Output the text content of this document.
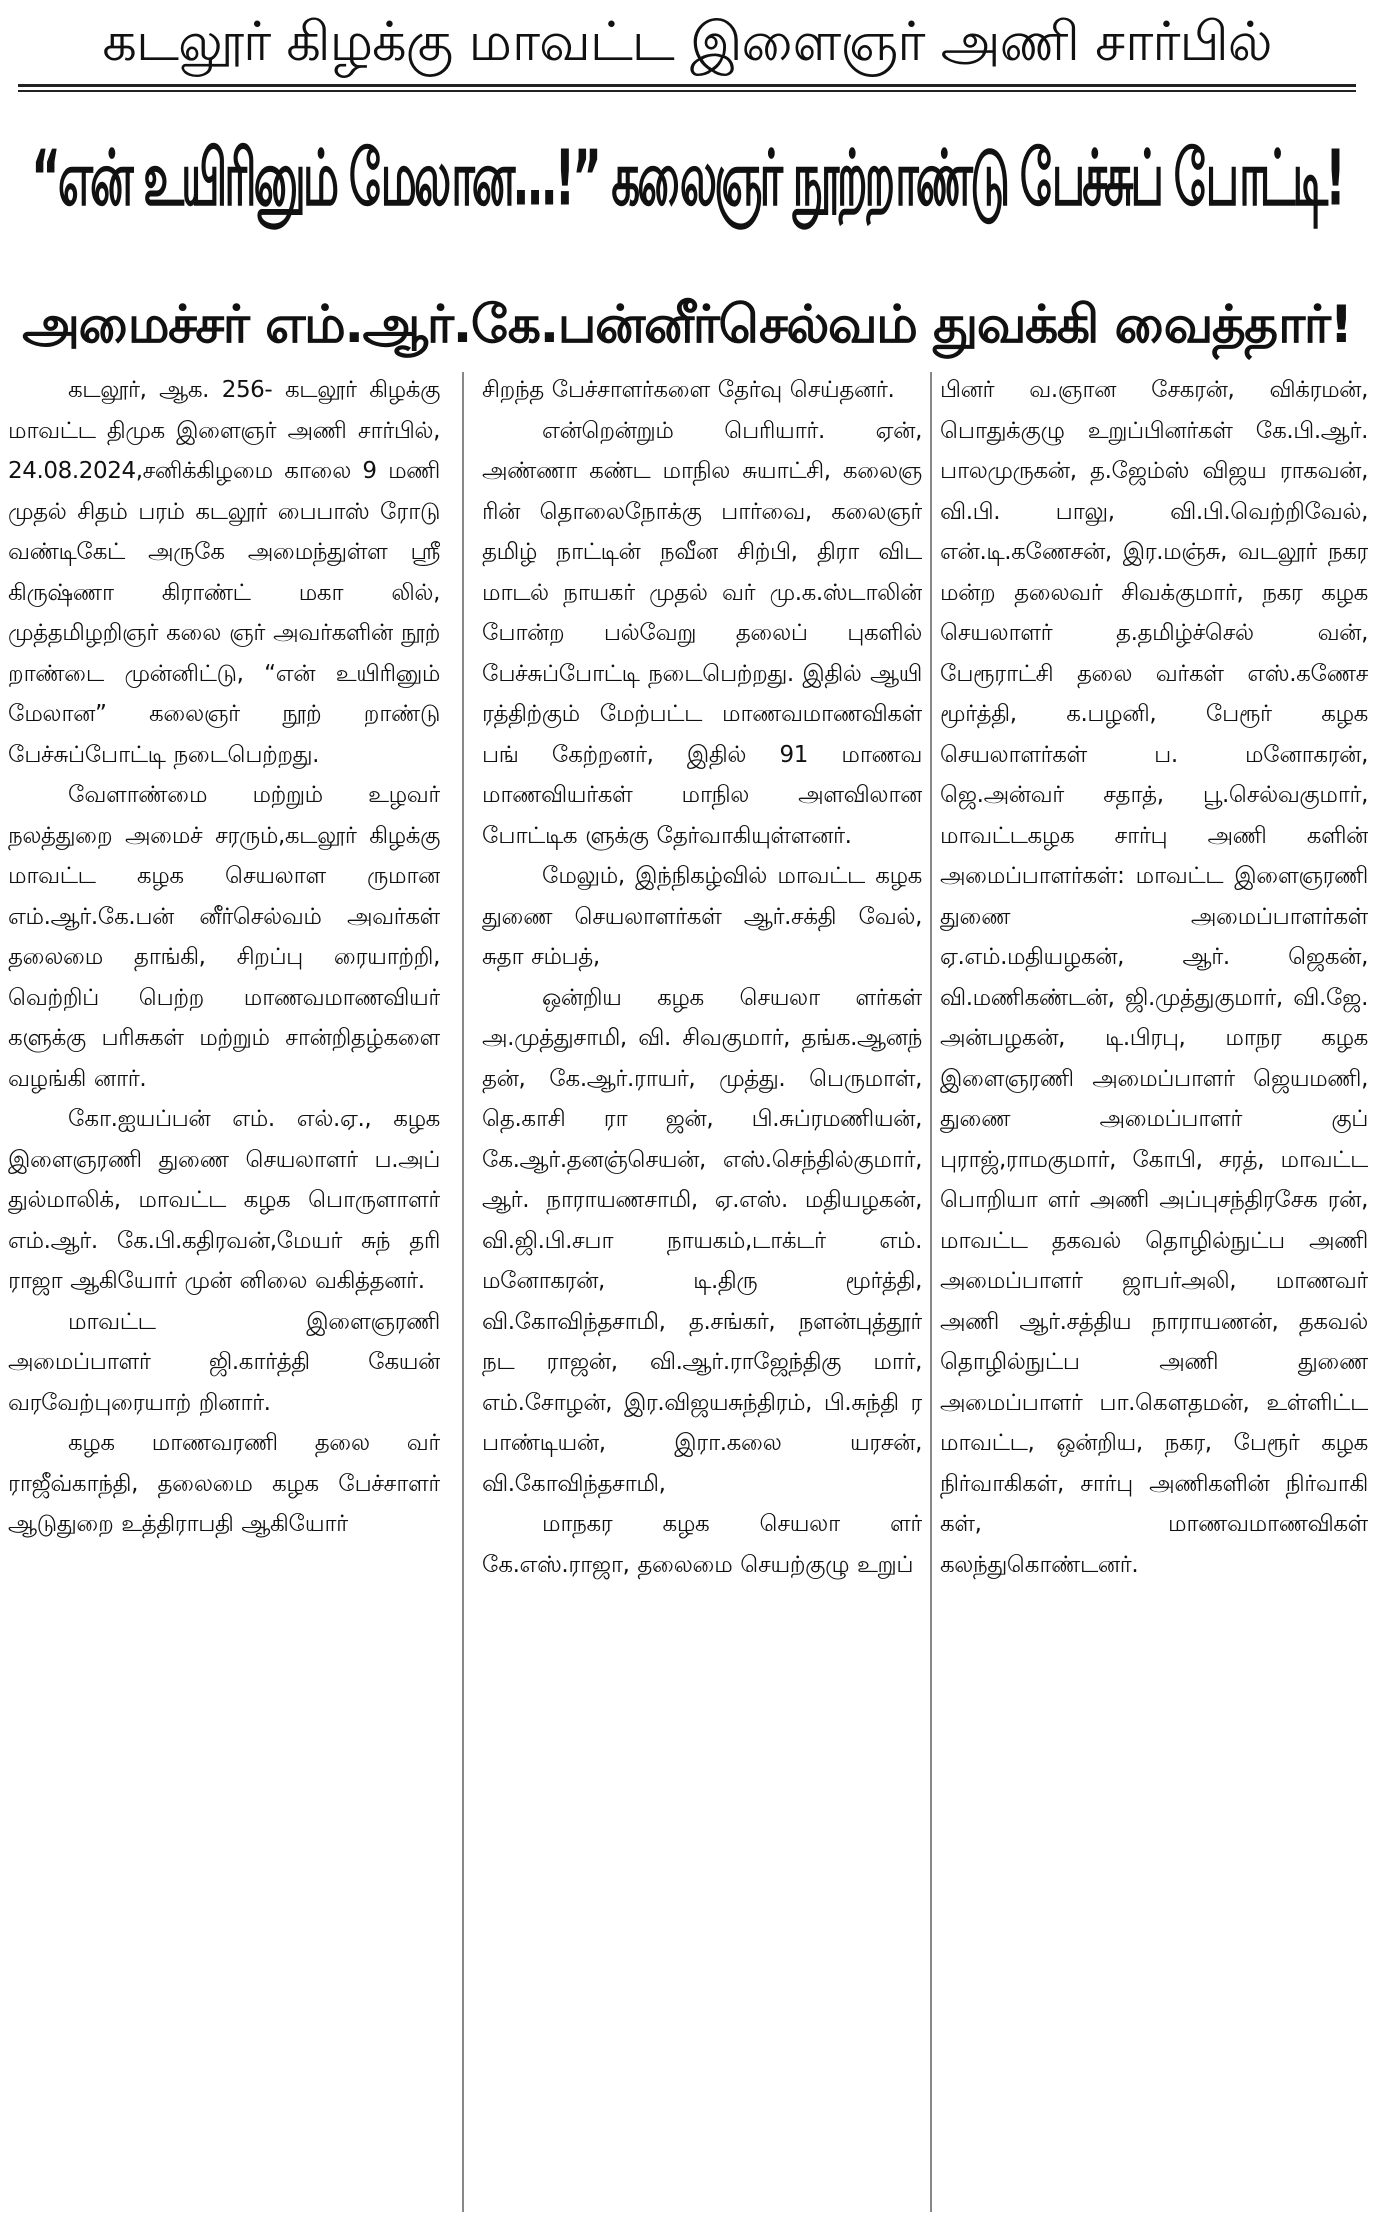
கடலூர் கிழக்கு மாவட்ட இளைஞர் அணி சார்பில்
“என் உயிரினும் மேலான...!” கலைஞர் நூற்றாண்டு பேச்சுப் போட்டி!
அமைச்சர் எம்.ஆர்.கே.பன்னீர்செல்வம் துவக்கி வைத்தார்!

கடலூர், ஆக. 256- கடலூர் கிழக்கு மாவட்ட திமுக இளைஞர் அணி சார்பில், 24.08.2024,சனிக்கிழமை காலை 9 மணி முதல் சிதம் பரம் கடலூர் பைபாஸ் ரோடு வண்டிகேட் அருகே அமைந்துள்ள ஸ்ரீ கிருஷ்ணா கிராண்ட் மகா லில், முத்தமிழறிஞர் கலை ஞர் அவர்களின் நூற் றாண்டை முன்னிட்டு, “என் உயிரினும் மேலான” கலைஞர் நூற் றாண்டு பேச்சுப்போட்டி நடைபெற்றது.

வேளாண்மை மற்றும் உழவர் நலத்துறை அமைச் சரரும்,கடலூர் கிழக்கு மாவட்ட கழக செயலாள ருமான எம்.ஆர்.கே.பன் னீர்செல்வம் அவர்கள் தலைமை தாங்கி, சிறப்பு ரையாற்றி, வெற்றிப் பெற்ற மாணவமாணவியர் களுக்கு பரிசுகள் மற்றும் சான்றிதழ்களை வழங்கி னார்.

கோ.ஐயப்பன் எம். எல்.ஏ., கழக இளைஞரணி துணை செயலாளர் ப.அப் துல்மாலிக், மாவட்ட கழக பொருளாளர் எம்.ஆர். கே.பி.கதிரவன்,மேயர் சுந் தரி ராஜா ஆகியோர் முன் னிலை வகித்தனர்.

மாவட்ட இளைஞரணி அமைப்பாளர் ஜி.கார்த்தி கேயன் வரவேற்புரையாற் றினார்.

கழக மாணவரணி தலை வர் ராஜீவ்காந்தி, தலைமை கழக பேச்சாளர் ஆடுதுறை உத்திராபதி ஆகியோர்

சிறந்த பேச்சாளர்களை தேர்வு செய்தனர்.

என்றென்றும் பெரியார். ஏன், அண்ணா கண்ட மாநில சுயாட்சி, கலைஞ ரின் தொலைநோக்கு பார்வை, கலைஞர் தமிழ் நாட்டின் நவீன சிற்பி, திரா விட மாடல் நாயகர் முதல் வர் மு.க.ஸ்டாலின் போன்ற பல்வேறு தலைப் புகளில் பேச்சுப்போட்டி நடைபெற்றது. இதில் ஆயி ரத்திற்கும் மேற்பட்ட மாணவமாணவிகள் பங் கேற்றனர், இதில் 91 மாணவ மாணவியர்கள் மாநில அளவிலான போட்டிக ளுக்கு தேர்வாகியுள்ளனர்.

மேலும், இந்நிகழ்வில் மாவட்ட கழக துணை செயலாளர்கள் ஆர்.சக்தி வேல், சுதா சம்பத்,

ஒன்றிய கழக செயலா ளர்கள் அ.முத்துசாமி, வி. சிவகுமார், தங்க.ஆனந் தன், கே.ஆர்.ராயர், முத்து. பெருமாள், தெ.காசி ரா ஜன், பி.சுப்ரமணியன், கே.ஆர்.தனஞ்செயன், எஸ்.செந்தில்குமார், ஆர். நாராயணசாமி, ஏ.எஸ். மதியழகன், வி.ஜி.பி.சபா நாயகம்,டாக்டர் எம். மனோகரன், டி.திரு மூர்த்தி, வி.கோவிந்தசாமி, த.சங்கர், நளன்புத்தூர் நட ராஜன், வி.ஆர்.ராஜேந்திகு மார், எம்.சோழன், இர.விஜயசுந்திரம், பி.சுந்தி ர பாண்டியன், இரா.கலை யரசன், வி.கோவிந்தசாமி,

மாநகர கழக செயலா ளர் கே.எஸ்.ராஜா, தலைமை செயற்குழு உறுப்

பினர் வ.ஞான சேகரன், விக்ரமன், பொதுக்குழு உறுப்பினர்கள் கே.பி.ஆர். பாலமுருகன், த.ஜேம்ஸ் விஜய ராகவன், வி.பி. பாலு, வி.பி.வெற்றிவேல், என்.டி.கணேசன், இர.மஞ்சு, வடலூர் நகர மன்ற தலைவர் சிவக்குமார், நகர கழக செயலாளர் த.தமிழ்ச்செல் வன், பேரூராட்சி தலை வர்கள் எஸ்.கணேச மூர்த்தி, க.பழனி, பேரூர் கழக செயலாளர்கள் ப. மனோகரன், ஜெ.அன்வர் சதாத், பூ.செல்வகுமார், மாவட்டகழக சார்பு அணி களின் அமைப்பாளர்கள்: மாவட்ட இளைஞரணி துணை அமைப்பாளர்கள் ஏ.எம்.மதியழகன், ஆர். ஜெகன், வி.மணிகண்டன், ஜி.முத்துகுமார், வி.ஜே. அன்பழகன், டி.பிரபு, மாநர கழக இளைஞரணி அமைப்பாளர் ஜெயமணி, துணை அமைப்பாளர் குப் புராஜ்,ராமகுமார், கோபி, சரத், மாவட்ட பொறியா ளர் அணி அப்புசந்திரசேக ரன், மாவட்ட தகவல் தொழில்நுட்ப அணி அமைப்பாளர் ஜாபர்அலி, மாணவர் அணி ஆர்.சத்திய நாராயணன், தகவல் தொழில்நுட்ப அணி துணை அமைப்பாளர் பா.கௌதமன், உள்ளிட்ட மாவட்ட, ஒன்றிய, நகர, பேரூர் கழக நிர்வாகிகள், சார்பு அணிகளின் நிர்வாகி கள், மாணவமாணவிகள் கலந்துகொண்டனர்.
